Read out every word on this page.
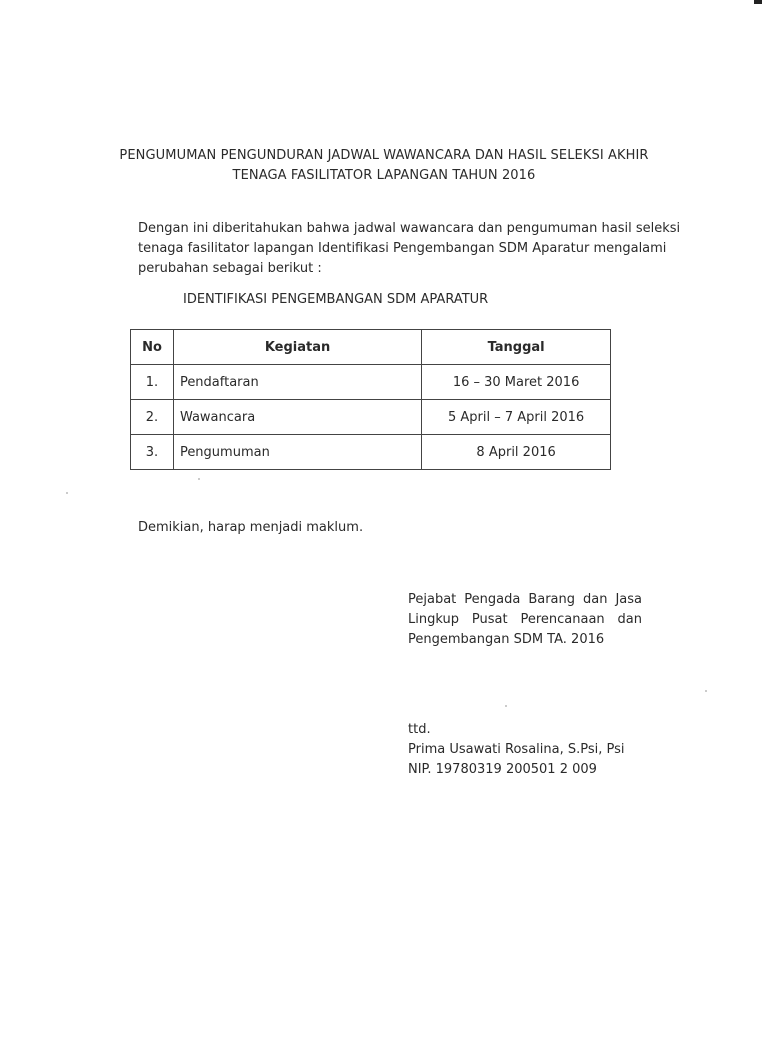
PENGUMUMAN PENGUNDURAN JADWAL WAWANCARA DAN HASIL SELEKSI AKHIR
TENAGA FASILITATOR LAPANGAN TAHUN 2016
Dengan ini diberitahukan bahwa jadwal wawancara dan pengumuman hasil seleksi
tenaga fasilitator lapangan Identifikasi Pengembangan SDM Aparatur mengalami
perubahan sebagai berikut :
IDENTIFIKASI PENGEMBANGAN SDM APARATUR
No	Kegiatan	Tanggal
1.	Pendaftaran	16 – 30 Maret 2016
2.	Wawancara	5 April – 7 April 2016
3.	Pengumuman	8 April 2016
Demikian, harap menjadi maklum.
Pejabat Pengada Barang dan Jasa
Lingkup Pusat Perencanaan dan
Pengembangan SDM TA. 2016
ttd.
Prima Usawati Rosalina, S.Psi, Psi
NIP. 19780319 200501 2 009
